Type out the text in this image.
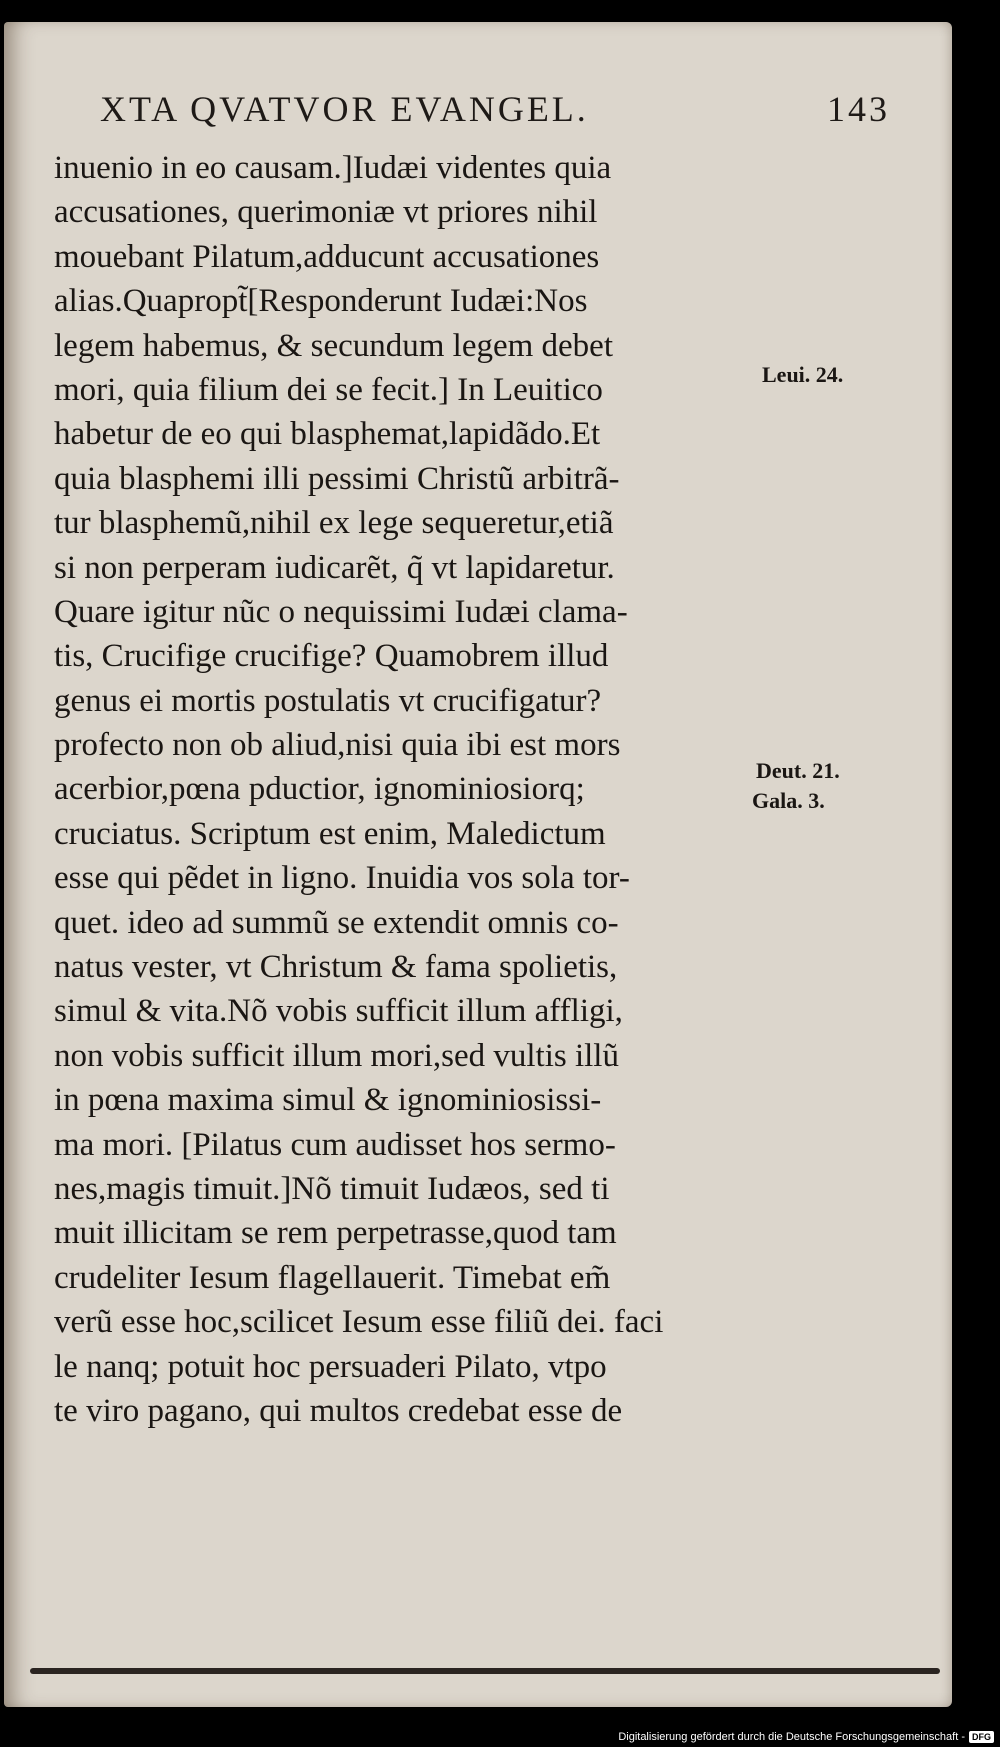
XTA QVATVOR EVANGEL.	143
inuenio in eo causam.]Iudæi videntes quia
accusationes, querimoniæ vt priores nihil
mouebant Pilatum,adducunt accusationes
alias.Quapropt̃[Responderunt Iudæi:Nos
legem habemus, & secundum legem debet
mori, quia filium dei se fecit.] In Leuitico
habetur de eo qui blasphemat,lapidãdo.Et
quia blasphemi illi pessimi Christũ arbitrã-
tur blasphemũ,nihil ex lege sequeretur,etiã
si non perperam iudicarẽt, q̃ vt lapidaretur.
Quare igitur nũc o nequissimi Iudæi clama-
tis, Crucifige crucifige? Quamobrem illud
genus ei mortis postulatis vt crucifigatur?
profecto non ob aliud,nisi quia ibi est mors
acerbior,pœna pductior, ignominiosiorq;
cruciatus. Scriptum est enim, Maledictum
esse qui pẽdet in ligno. Inuidia vos sola tor-
quet. ideo ad summũ se extendit omnis co-
natus vester, vt Christum & fama spolietis,
simul & vita.Nõ vobis sufficit illum affligi,
non vobis sufficit illum mori,sed vultis illũ
in pœna maxima simul & ignominiosissi-
ma mori. [Pilatus cum audisset hos sermo-
nes,magis timuit.]Nõ timuit Iudæos, sed ti
muit illicitam se rem perpetrasse,quod tam
crudeliter Iesum flagellauerit. Timebat em̃
verũ esse hoc,scilicet Iesum esse filiũ dei. faci
le nanq; potuit hoc persuaderi Pilato, vtpo
te viro pagano, qui multos credebat esse de
Leui. 24.
Deut. 21.
Gala. 3.
Digitalisierung gefördert durch die Deutsche Forschungsgemeinschaft - DFG
